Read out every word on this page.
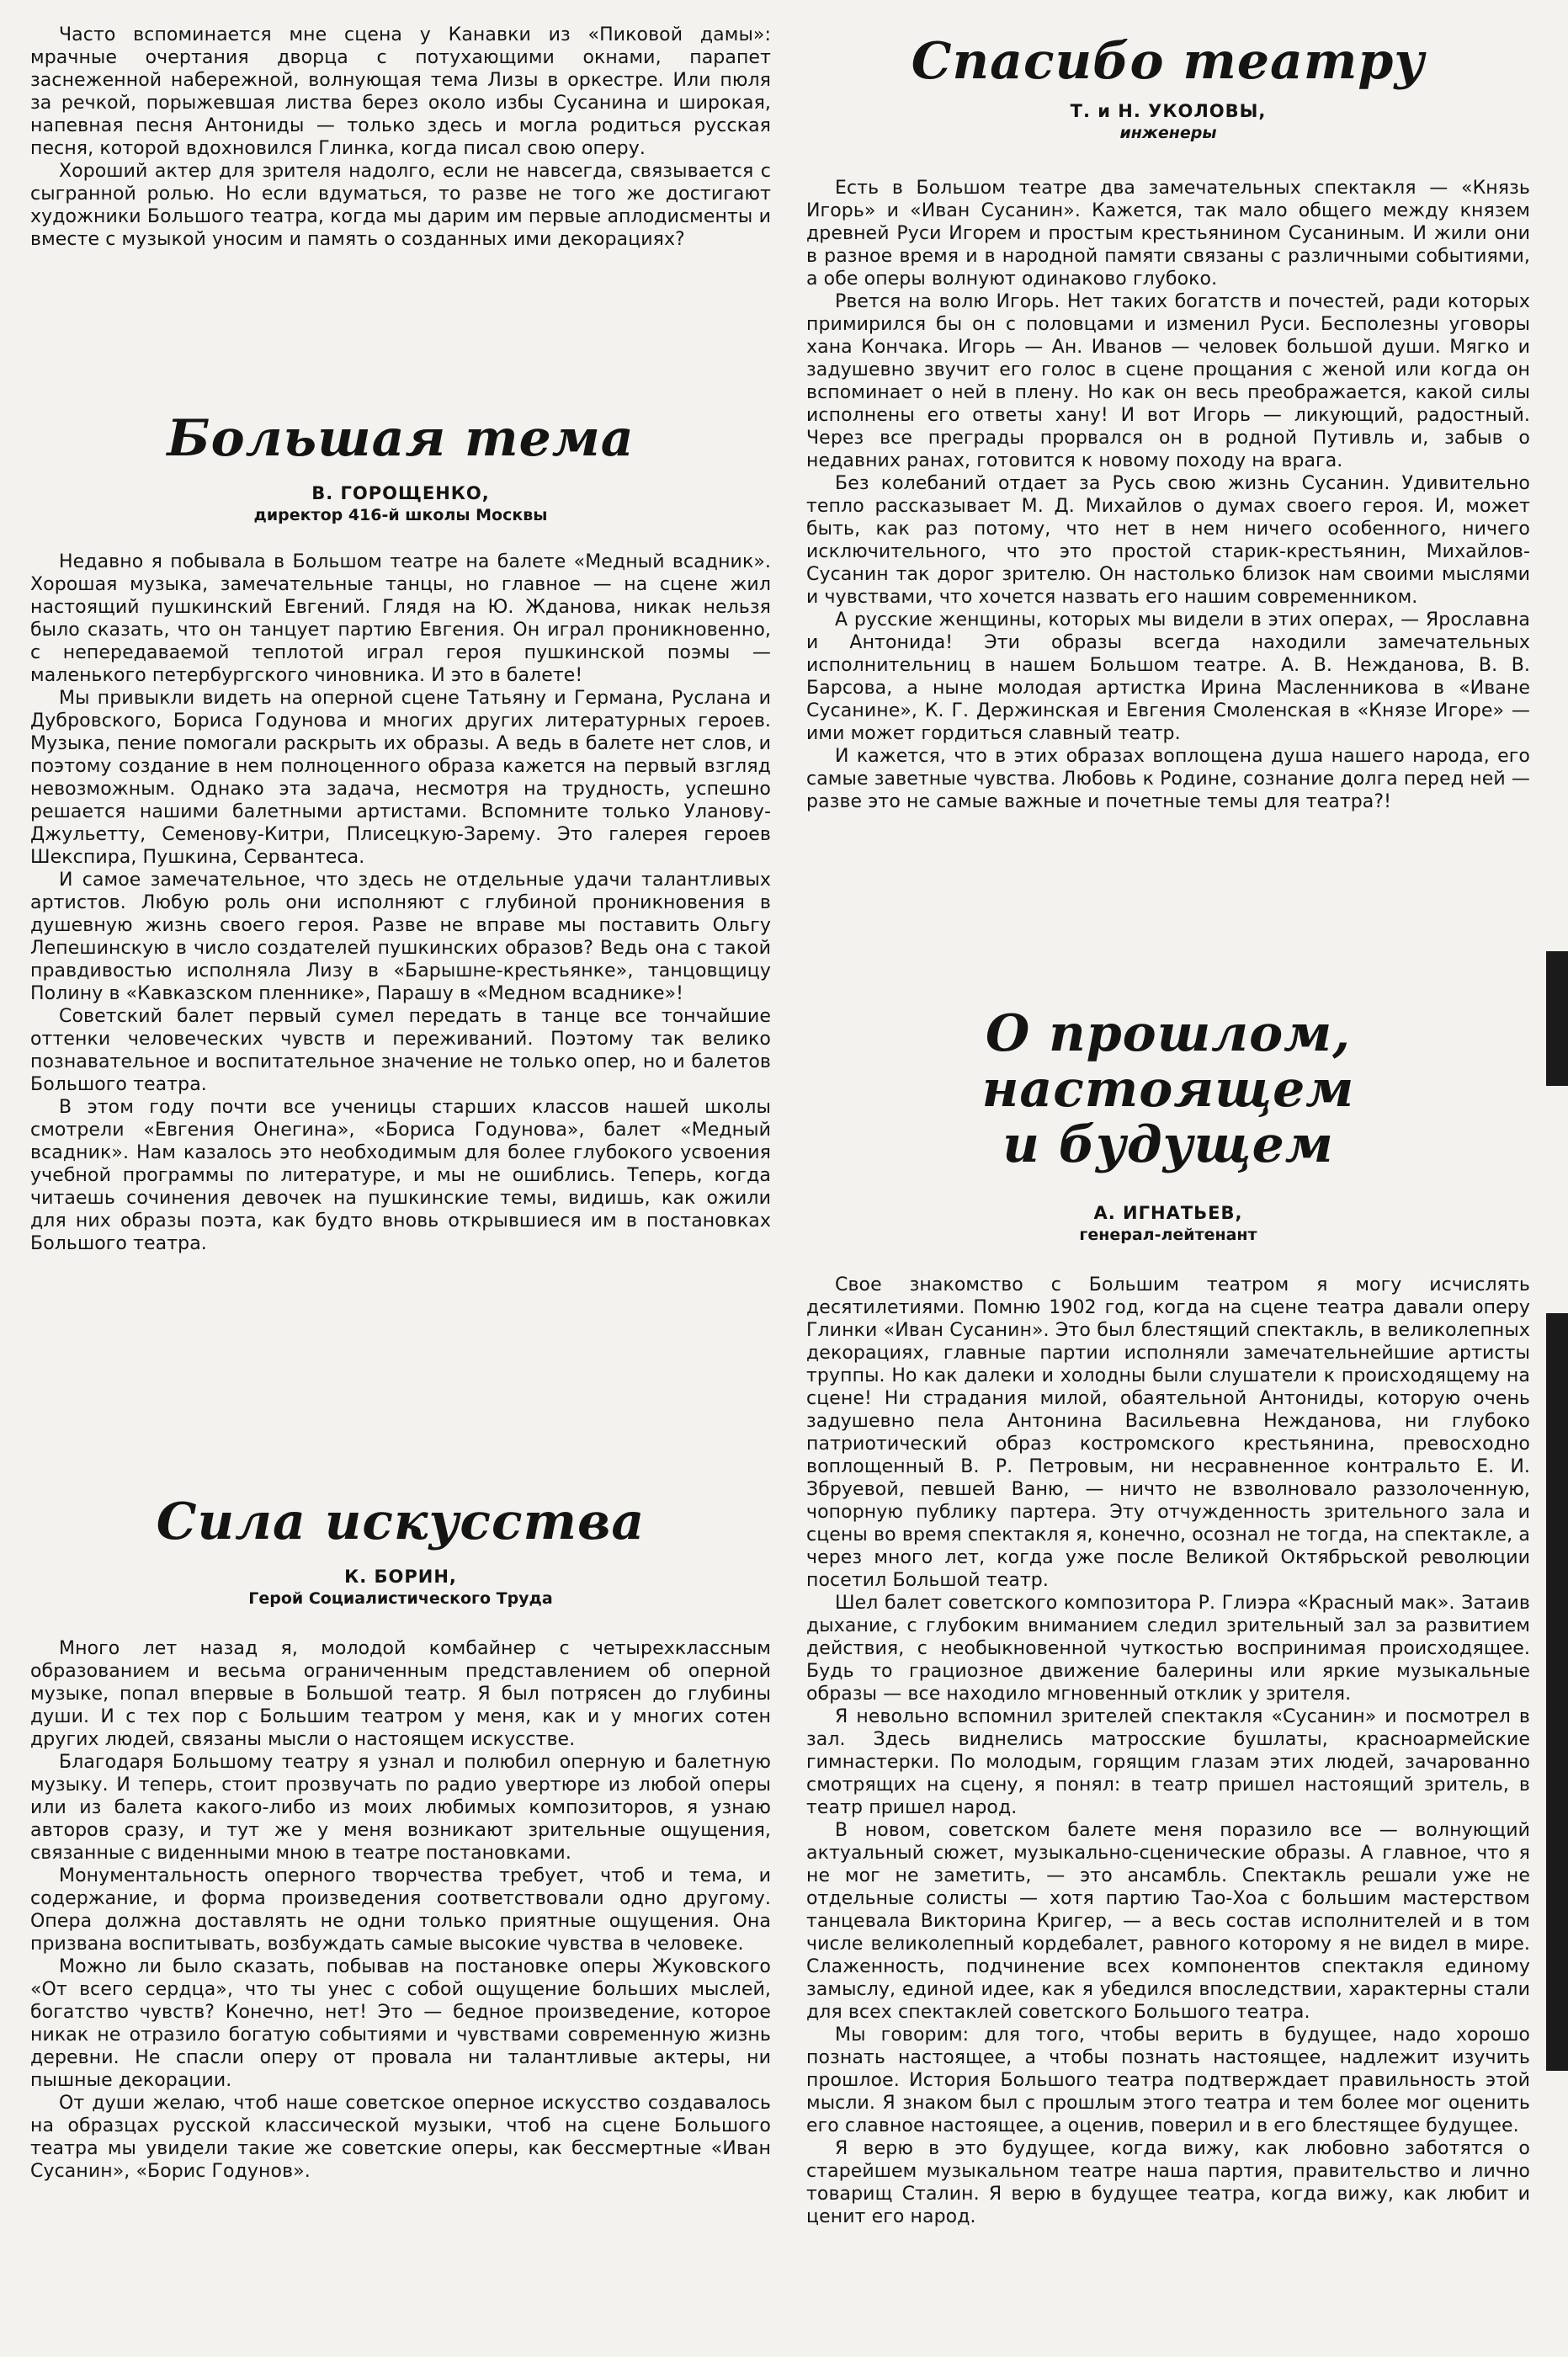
Часто вспоминается мне сцена у Канавки из «Пиковой дамы»: мрачные очертания дворца с потухающими окнами, парапет заснеженной набережной, волнующая тема Лизы в оркестре. Или пюля за речкой, порыжевшая листва берез около избы Сусанина и широкая, напевная песня Антониды — только здесь и могла родиться русская песня, которой вдохновился Глинка, когда писал свою оперу.

Хороший актер для зрителя надолго, если не навсегда, связывается с сыгранной ролью. Но если вдуматься, то разве не того же достигают художники Большого театра, когда мы дарим им первые аплодисменты и вместе с музыкой уносим и память о созданных ими декорациях?

Большая тема
В. ГОРОЩЕНКО,
директор 416-й школы Москвы

Недавно я побывала в Большом театре на балете «Медный всадник». Хорошая музыка, замечательные танцы, но главное — на сцене жил настоящий пушкинский Евгений. Глядя на Ю. Жданова, никак нельзя было сказать, что он танцует партию Евгения. Он играл проникновенно, с непередаваемой теплотой играл героя пушкинской поэмы — маленького петербургского чиновника. И это в балете!

Мы привыкли видеть на оперной сцене Татьяну и Германа, Руслана и Дубровского, Бориса Годунова и многих других литературных героев. Музыка, пение помогали раскрыть их образы. А ведь в балете нет слов, и поэтому создание в нем полноценного образа кажется на первый взгляд невозможным. Однако эта задача, несмотря на трудность, успешно решается нашими балетными артистами. Вспомните только Уланову-Джульетту, Семенову-Китри, Плисецкую-Зарему. Это галерея героев Шекспира, Пушкина, Сервантеса.

И самое замечательное, что здесь не отдельные удачи талантливых артистов. Любую роль они исполняют с глубиной проникновения в душевную жизнь своего героя. Разве не вправе мы поставить Ольгу Лепешинскую в число создателей пушкинских образов? Ведь она с такой правдивостью исполняла Лизу в «Барышне-крестьянке», танцовщицу Полину в «Кавказском пленнике», Парашу в «Медном всаднике»!

Советский балет первый сумел передать в танце все тончайшие оттенки человеческих чувств и переживаний. Поэтому так велико познавательное и воспитательное значение не только опер, но и балетов Большого театра.

В этом году почти все ученицы старших классов нашей школы смотрели «Евгения Онегина», «Бориса Годунова», балет «Медный всадник». Нам казалось это необходимым для более глубокого усвоения учебной программы по литературе, и мы не ошиблись. Теперь, когда читаешь сочинения девочек на пушкинские темы, видишь, как ожили для них образы поэта, как будто вновь открывшиеся им в постановках Большого театра.

Сила искусства
К. БОРИН,
Герой Социалистического Труда

Много лет назад я, молодой комбайнер с четырехклассным образованием и весьма ограниченным представлением об оперной музыке, попал впервые в Большой театр. Я был потрясен до глубины души. И с тех пор с Большим театром у меня, как и у многих сотен других людей, связаны мысли о настоящем искусстве.

Благодаря Большому театру я узнал и полюбил оперную и балетную музыку. И теперь, стоит прозвучать по радио увертюре из любой оперы или из балета какого-либо из моих любимых композиторов, я узнаю авторов сразу, и тут же у меня возникают зрительные ощущения, связанные с виденными мною в театре постановками.

Монументальность оперного творчества требует, чтоб и тема, и содержание, и форма произведения соответствовали одно другому. Опера должна доставлять не одни только приятные ощущения. Она призвана воспитывать, возбуждать самые высокие чувства в человеке.

Можно ли было сказать, побывав на постановке оперы Жуковского «От всего сердца», что ты унес с собой ощущение больших мыслей, богатство чувств? Конечно, нет! Это — бедное произведение, которое никак не отразило богатую событиями и чувствами современную жизнь деревни. Не спасли оперу от провала ни талантливые актеры, ни пышные декорации.

От души желаю, чтоб наше советское оперное искусство создавалось на образцах русской классической музыки, чтоб на сцене Большого театра мы увидели такие же советские оперы, как бессмертные «Иван Сусанин», «Борис Годунов».

Спасибо театру
Т. и Н. УКОЛОВЫ,
инженеры

Есть в Большом театре два замечательных спектакля — «Князь Игорь» и «Иван Сусанин». Кажется, так мало общего между князем древней Руси Игорем и простым крестьянином Сусаниным. И жили они в разное время и в народной памяти связаны с различными событиями, а обе оперы волнуют одинаково глубоко.

Рвется на волю Игорь. Нет таких богатств и почестей, ради которых примирился бы он с половцами и изменил Руси. Бесполезны уговоры хана Кончака. Игорь — Ан. Иванов — человек большой души. Мягко и задушевно звучит его голос в сцене прощания с женой или когда он вспоминает о ней в плену. Но как он весь преображается, какой силы исполнены его ответы хану! И вот Игорь — ликующий, радостный. Через все преграды прорвался он в родной Путивль и, забыв о недавних ранах, готовится к новому походу на врага.

Без колебаний отдает за Русь свою жизнь Сусанин. Удивительно тепло рассказывает М. Д. Михайлов о думах своего героя. И, может быть, как раз потому, что нет в нем ничего особенного, ничего исключительного, что это простой старик-крестьянин, Михайлов-Сусанин так дорог зрителю. Он настолько близок нам своими мыслями и чувствами, что хочется назвать его нашим современником.

А русские женщины, которых мы видели в этих операх, — Ярославна и Антонида! Эти образы всегда находили замечательных исполнительниц в нашем Большом театре. А. В. Нежданова, В. В. Барсова, а ныне молодая артистка Ирина Масленникова в «Иване Сусанине», К. Г. Держинская и Евгения Смоленская в «Князе Игоре» — ими может гордиться славный театр.

И кажется, что в этих образах воплощена душа нашего народа, его самые заветные чувства. Любовь к Родине, сознание долга перед ней — разве это не самые важные и почетные темы для театра?!

О прошлом, настоящем
и будущем
А. ИГНАТЬЕВ,
генерал-лейтенант

Свое знакомство с Большим театром я могу исчислять десятилетиями. Помню 1902 год, когда на сцене театра давали оперу Глинки «Иван Сусанин». Это был блестящий спектакль, в великолепных декорациях, главные партии исполняли замечательнейшие артисты труппы. Но как далеки и холодны были слушатели к происходящему на сцене! Ни страдания милой, обаятельной Антониды, которую очень задушевно пела Антонина Васильевна Нежданова, ни глубоко патриотический образ костромского крестьянина, превосходно воплощенный В. Р. Петровым, ни несравненное контральто Е. И. Збруевой, певшей Ваню, — ничто не взволновало раззолоченную, чопорную публику партера. Эту отчужденность зрительного зала и сцены во время спектакля я, конечно, осознал не тогда, на спектакле, а через много лет, когда уже после Великой Октябрьской революции посетил Большой театр.

Шел балет советского композитора Р. Глиэра «Красный мак». Затаив дыхание, с глубоким вниманием следил зрительный зал за развитием действия, с необыкновенной чуткостью воспринимая происходящее. Будь то грациозное движение балерины или яркие музыкальные образы — все находило мгновенный отклик у зрителя.

Я невольно вспомнил зрителей спектакля «Сусанин» и посмотрел в зал. Здесь виднелись матросские бушлаты, красноармейские гимнастерки. По молодым, горящим глазам этих людей, зачарованно смотрящих на сцену, я понял: в театр пришел настоящий зритель, в театр пришел народ.

В новом, советском балете меня поразило все — волнующий актуальный сюжет, музыкально-сценические образы. А главное, что я не мог не заметить, — это ансамбль. Спектакль решали уже не отдельные солисты — хотя партию Тао-Хоа с большим мастерством танцевала Викторина Кригер, — а весь состав исполнителей и в том числе великолепный кордебалет, равного которому я не видел в мире. Слаженность, подчинение всех компонентов спектакля единому замыслу, единой идее, как я убедился впоследствии, характерны стали для всех спектаклей советского Большого театра.

Мы говорим: для того, чтобы верить в будущее, надо хорошо познать настоящее, а чтобы познать настоящее, надлежит изучить прошлое. История Большого театра подтверждает правильность этой мысли. Я знаком был с прошлым этого театра и тем более мог оценить его славное настоящее, а оценив, поверил и в его блестящее будущее.

Я верю в это будущее, когда вижу, как любовно заботятся о старейшем музыкальном театре наша партия, правительство и лично товарищ Сталин. Я верю в будущее театра, когда вижу, как любит и ценит его народ.
